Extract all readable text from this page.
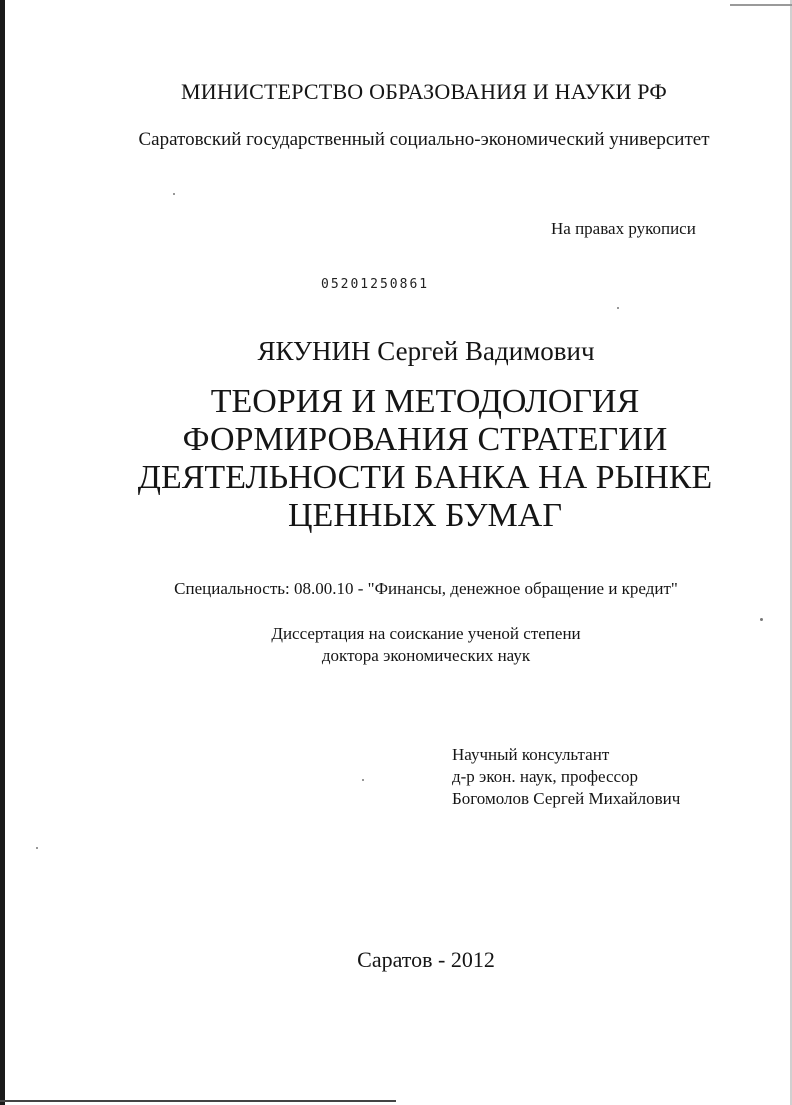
МИНИСТЕРСТВО ОБРАЗОВАНИЯ И НАУКИ РФ
Саратовский государственный социально-экономический университет
На правах рукописи
05201250861
ЯКУНИН Сергей Вадимович
ТЕОРИЯ И МЕТОДОЛОГИЯ
ФОРМИРОВАНИЯ СТРАТЕГИИ
ДЕЯТЕЛЬНОСТИ БАНКА НА РЫНКЕ
ЦЕННЫХ БУМАГ
Специальность: 08.00.10 - "Финансы, денежное обращение и кредит"
Диссертация на соискание ученой степени
доктора экономических наук
Научный консультант
д-р экон. наук, профессор
Богомолов Сергей Михайлович
Саратов - 2012
